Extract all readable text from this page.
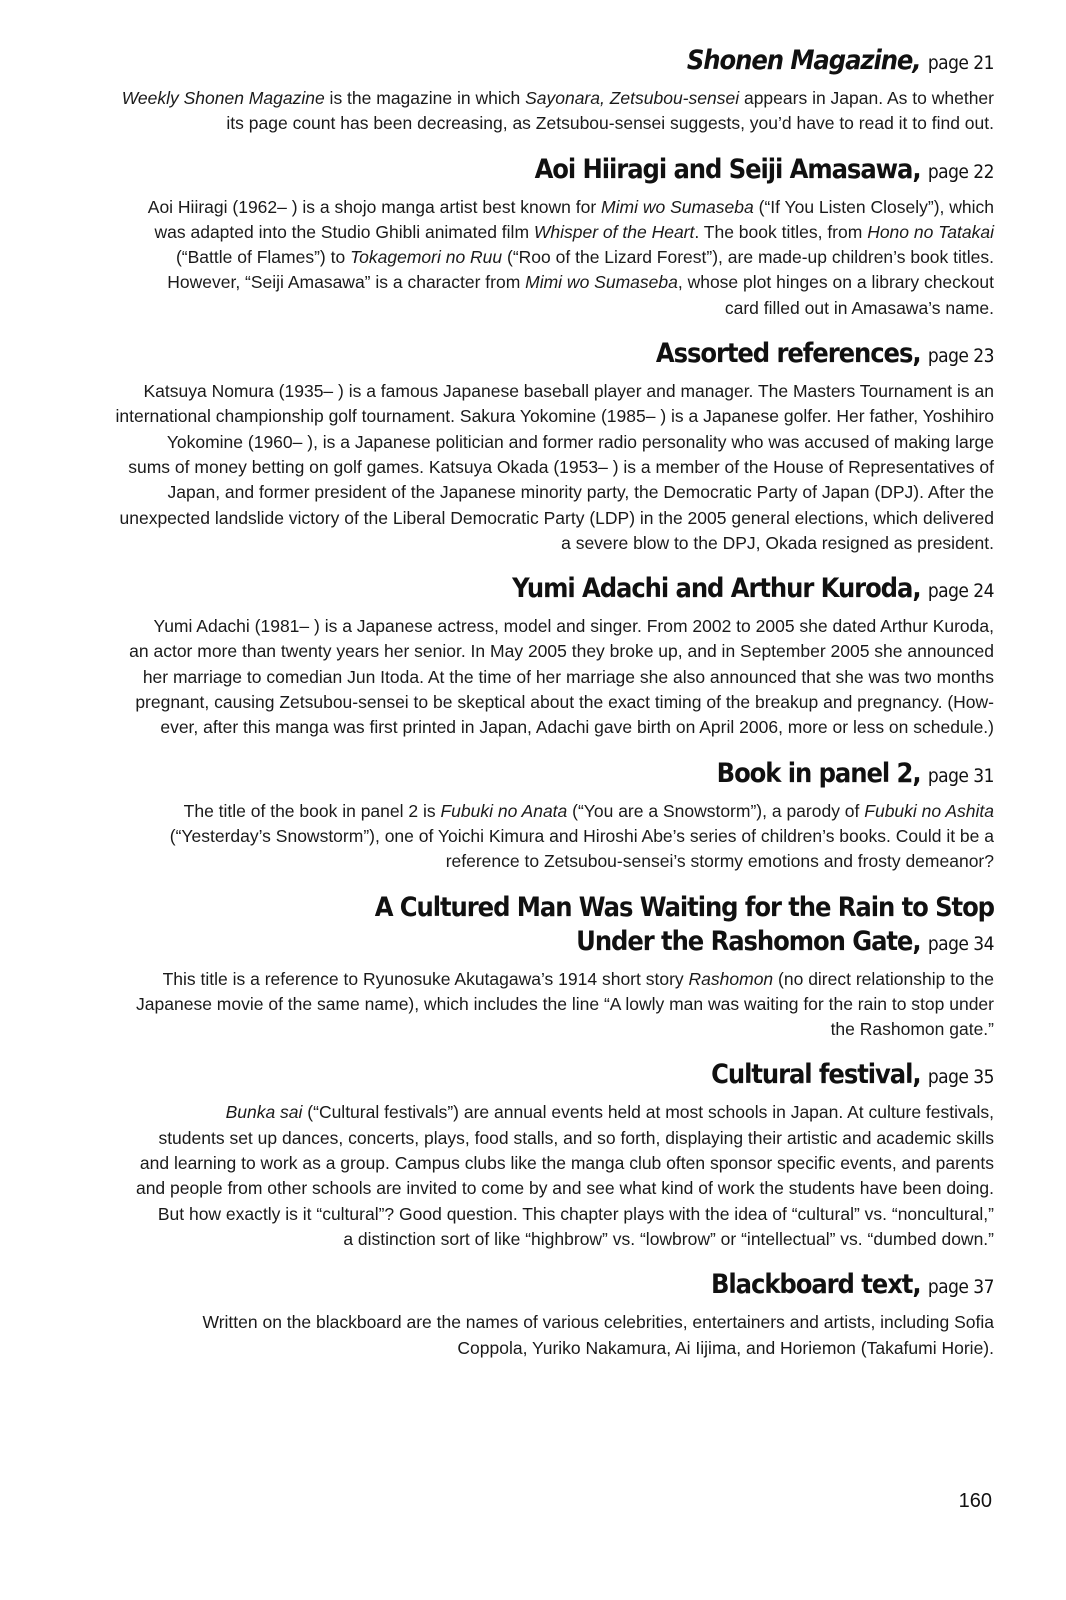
Shonen Magazine, page 21

Weekly Shonen Magazine is the magazine in which Sayonara, Zetsubou-sensei appears in Japan. As to whether
its page count has been decreasing, as Zetsubou-sensei suggests, you’d have to read it to find out.

Aoi Hiiragi and Seiji Amasawa, page 22

Aoi Hiiragi (1962– ) is a shojo manga artist best known for Mimi wo Sumaseba (“If You Listen Closely”), which
was adapted into the Studio Ghibli animated film Whisper of the Heart. The book titles, from Hono no Tatakai
(“Battle of Flames”) to Tokagemori no Ruu (“Roo of the Lizard Forest”), are made-up children’s book titles.
However, “Seiji Amasawa” is a character from Mimi wo Sumaseba, whose plot hinges on a library checkout
card filled out in Amasawa’s name.

Assorted references, page 23

Katsuya Nomura (1935– ) is a famous Japanese baseball player and manager. The Masters Tournament is an
international championship golf tournament. Sakura Yokomine (1985– ) is a Japanese golfer. Her father, Yoshihiro
Yokomine (1960– ), is a Japanese politician and former radio personality who was accused of making large
sums of money betting on golf games. Katsuya Okada (1953– ) is a member of the House of Representatives of
Japan, and former president of the Japanese minority party, the Democratic Party of Japan (DPJ). After the
unexpected landslide victory of the Liberal Democratic Party (LDP) in the 2005 general elections, which delivered
a severe blow to the DPJ, Okada resigned as president.

Yumi Adachi and Arthur Kuroda, page 24

Yumi Adachi (1981– ) is a Japanese actress, model and singer. From 2002 to 2005 she dated Arthur Kuroda,
an actor more than twenty years her senior. In May 2005 they broke up, and in September 2005 she announced
her marriage to comedian Jun Itoda. At the time of her marriage she also announced that she was two months
pregnant, causing Zetsubou-sensei to be skeptical about the exact timing of the breakup and pregnancy. (How-
ever, after this manga was first printed in Japan, Adachi gave birth on April 2006, more or less on schedule.)

Book in panel 2, page 31

The title of the book in panel 2 is Fubuki no Anata (“You are a Snowstorm”), a parody of Fubuki no Ashita
(“Yesterday’s Snowstorm”), one of Yoichi Kimura and Hiroshi Abe’s series of children’s books. Could it be a
reference to Zetsubou-sensei’s stormy emotions and frosty demeanor?

A Cultured Man Was Waiting for the Rain to Stop
Under the Rashomon Gate, page 34

This title is a reference to Ryunosuke Akutagawa’s 1914 short story Rashomon (no direct relationship to the
Japanese movie of the same name), which includes the line “A lowly man was waiting for the rain to stop under
the Rashomon gate.”

Cultural festival, page 35

Bunka sai (“Cultural festivals”) are annual events held at most schools in Japan. At culture festivals,
students set up dances, concerts, plays, food stalls, and so forth, displaying their artistic and academic skills
and learning to work as a group. Campus clubs like the manga club often sponsor specific events, and parents
and people from other schools are invited to come by and see what kind of work the students have been doing.
But how exactly is it “cultural”? Good question. This chapter plays with the idea of “cultural” vs. “noncultural,”
a distinction sort of like “highbrow” vs. “lowbrow” or “intellectual” vs. “dumbed down.”

Blackboard text, page 37

Written on the blackboard are the names of various celebrities, entertainers and artists, including Sofia
Coppola, Yuriko Nakamura, Ai Iijima, and Horiemon (Takafumi Horie).

160
